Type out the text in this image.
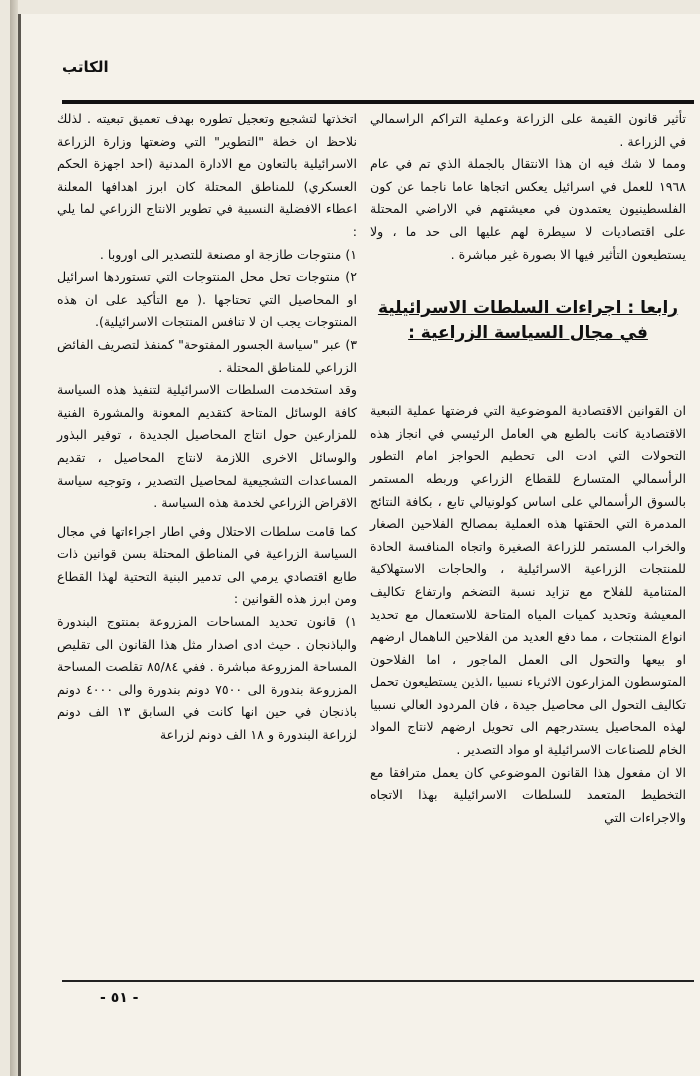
الكاتب

تأثير قانون القيمة على الزراعة وعملية التراكم الراسمالي في الزراعة .

ومما لا شك فيه ان هذا الانتقال بالجملة الذي تم في عام ١٩٦٨ للعمل في اسرائيل يعكس اتجاها عاما ناجما عن كون الفلسطينيون يعتمدون في معيشتهم في الاراضي المحتلة على اقتصاديات لا سيطرة لهم عليها الى حد ما ، ولا يستطيعون التأثير فيها الا بصورة غير مباشرة .

رابعا : اجراءات السلطات الاسرائيلية في مجال السياسة الزراعية :

ان القوانين الاقتصادية الموضوعية التي فرضتها عملية التبعية الاقتصادية كانت بالطبع هي العامل الرئيسي في انجاز هذه التحولات التي ادت الى تحطيم الحواجز امام التطور الرأسمالي المتسارع للقطاع الزراعي وربطه المستمر بالسوق الرأسمالي على اساس كولونيالي تابع ، بكافة النتائج المدمرة التي الحقتها هذه العملية بمصالح الفلاحين الصغار والخراب المستمر للزراعة الصغيرة واتجاه المنافسة الحادة للمنتجات الزراعية الاسرائيلية ، والحاجات الاستهلاكية المتنامية للفلاح مع تزايد نسبة التضخم وارتفاع تكاليف المعيشة وتحديد كميات المياه المتاحة للاستعمال مع تحديد انواع المنتجات ، مما دفع العديد من الفلاحين الىاهمال ارضهم او بيعها والتحول الى العمل الماجور ، اما الفلاحون المتوسطون المزارعون الاثرياء نسبيا ،الذين يستطيعون تحمل تكاليف التحول الى محاصيل جيدة ، فان المردود العالي نسبيا لهذه المحاصيل يستدرجهم الى تحويل ارضهم لانتاج المواد الخام للصناعات الاسرائيلية او مواد التصدير .

الا ان مفعول هذا القانون الموضوعي كان يعمل مترافقا مع التخطيط المتعمد للسلطات الاسرائيلية بهذا الاتجاه والاجراءات التي

اتخذتها لتشجيع وتعجيل تطوره بهدف تعميق تبعيته . لذلك نلاحظ ان خطة "التطوير" التي وضعتها وزارة الزراعة الاسرائيلية بالتعاون مع الادارة المدنية (احد اجهزة الحكم العسكري) للمناطق المحتلة كان ابرز اهدافها المعلنة اعطاء الافضلية النسبية في تطوير الانتاج الزراعي لما يلي :

١) منتوجات طازجة او مصنعة للتصدير الى اوروبا .

٢) منتوجات تحل محل المنتوجات التي تستوردها اسرائيل او المحاصيل التي تحتاجها .( مع التأكيد على ان هذه المنتوجات يجب ان لا تنافس المنتجات الاسرائيلية).

٣) عبر "سياسة الجسور المفتوحة" كمنفذ لتصريف الفائض الزراعي للمناطق المحتلة .

وقد استخدمت السلطات الاسرائيلية لتنفيذ هذه السياسة كافة الوسائل المتاحة كتقديم المعونة والمشورة الفنية للمزارعين حول انتاج المحاصيل الجديدة ، توفير البذور والوسائل الاخرى اللازمة لانتاج المحاصيل ، تقديم المساعدات التشجيعية لمحاصيل التصدير ، وتوجيه سياسة الاقراض الزراعي لخدمة هذه السياسة .

كما قامت سلطات الاحتلال وفي اطار اجراءاتها في مجال السياسة الزراعية في المناطق المحتلة بسن قوانين ذات طابع اقتصادي يرمي الى تدمير البنية التحتية لهذا القطاع ومن ابرز هذه القوانين :

١) قانون تحديد المساحات المزروعة بمنتوج البندورة والباذنجان . حيث ادى اصدار مثل هذا القانون الى تقليص المساحة المزروعة مباشرة . ففي ٨٥/٨٤ تقلصت المساحة المزروعة بندورة الى ٧٥٠٠ دونم بندورة والى ٤٠٠٠ دونم باذنجان في حين انها كانت في السابق ١٣ الف دونم لزراعة البندورة و ١٨ الف دونم لزراعة

- ٥١ -
